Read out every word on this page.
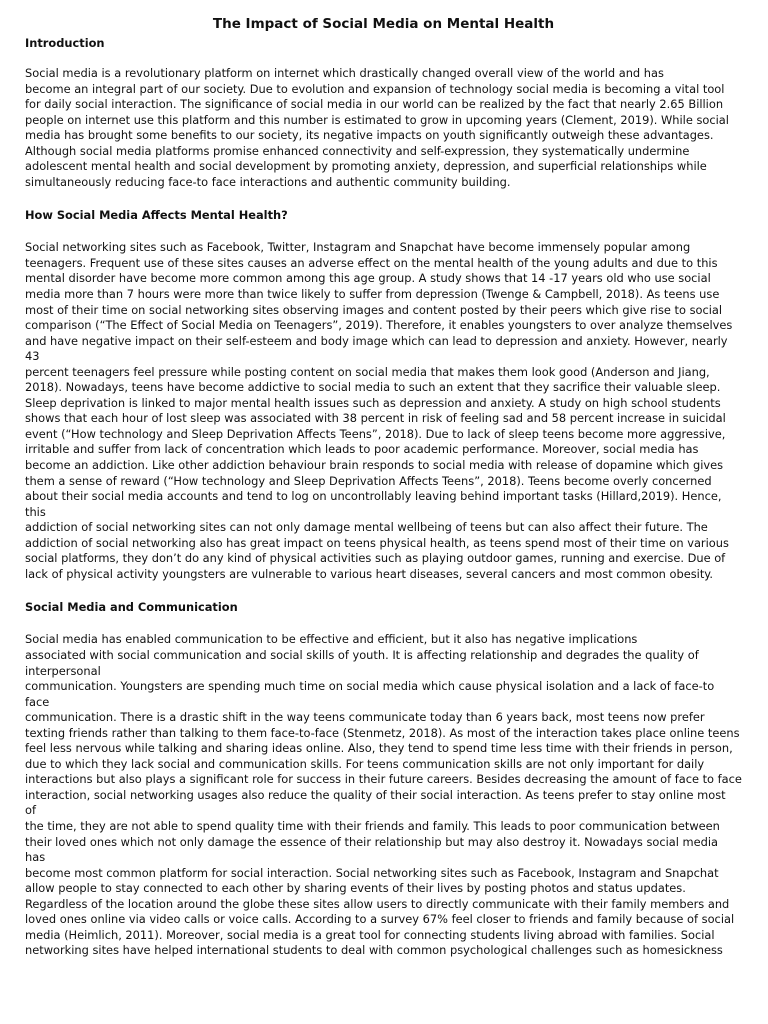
The Impact of Social Media on Mental Health
Introduction

Social media is a revolutionary platform on internet which drastically changed overall view of the world and has
become an integral part of our society. Due to evolution and expansion of technology social media is becoming a vital tool
for daily social interaction. The significance of social media in our world can be realized by the fact that nearly 2.65 Billion
people on internet use this platform and this number is estimated to grow in upcoming years (Clement, 2019). While social
media has brought some benefits to our society, its negative impacts on youth significantly outweigh these advantages.
Although social media platforms promise enhanced connectivity and self-expression, they systematically undermine
adolescent mental health and social development by promoting anxiety, depression, and superficial relationships while
simultaneously reducing face-to face interactions and authentic community building.

How Social Media Affects Mental Health?

Social networking sites such as Facebook, Twitter, Instagram and Snapchat have become immensely popular among
teenagers. Frequent use of these sites causes an adverse effect on the mental health of the young adults and due to this
mental disorder have become more common among this age group. A study shows that 14 -17 years old who use social
media more than 7 hours were more than twice likely to suffer from depression (Twenge & Campbell, 2018). As teens use
most of their time on social networking sites observing images and content posted by their peers which give rise to social
comparison (“The Effect of Social Media on Teenagers”, 2019). Therefore, it enables youngsters to over analyze themselves
and have negative impact on their self-esteem and body image which can lead to depression and anxiety. However, nearly
43
percent teenagers feel pressure while posting content on social media that makes them look good (Anderson and Jiang,
2018). Nowadays, teens have become addictive to social media to such an extent that they sacrifice their valuable sleep.
Sleep deprivation is linked to major mental health issues such as depression and anxiety. A study on high school students
shows that each hour of lost sleep was associated with 38 percent in risk of feeling sad and 58 percent increase in suicidal
event (“How technology and Sleep Deprivation Affects Teens”, 2018). Due to lack of sleep teens become more aggressive,
irritable and suffer from lack of concentration which leads to poor academic performance. Moreover, social media has
become an addiction. Like other addiction behaviour brain responds to social media with release of dopamine which gives
them a sense of reward (“How technology and Sleep Deprivation Affects Teens”, 2018). Teens become overly concerned
about their social media accounts and tend to log on uncontrollably leaving behind important tasks (Hillard,2019). Hence,
this
addiction of social networking sites can not only damage mental wellbeing of teens but can also affect their future. The
addiction of social networking also has great impact on teens physical health, as teens spend most of their time on various
social platforms, they don’t do any kind of physical activities such as playing outdoor games, running and exercise. Due of
lack of physical activity youngsters are vulnerable to various heart diseases, several cancers and most common obesity.

Social Media and Communication

Social media has enabled communication to be effective and efficient, but it also has negative implications
associated with social communication and social skills of youth. It is affecting relationship and degrades the quality of
interpersonal
communication. Youngsters are spending much time on social media which cause physical isolation and a lack of face-to
face
communication. There is a drastic shift in the way teens communicate today than 6 years back, most teens now prefer
texting friends rather than talking to them face-to-face (Stenmetz, 2018). As most of the interaction takes place online teens
feel less nervous while talking and sharing ideas online. Also, they tend to spend time less time with their friends in person,
due to which they lack social and communication skills. For teens communication skills are not only important for daily
interactions but also plays a significant role for success in their future careers. Besides decreasing the amount of face to face
interaction, social networking usages also reduce the quality of their social interaction. As teens prefer to stay online most
of
the time, they are not able to spend quality time with their friends and family. This leads to poor communication between
their loved ones which not only damage the essence of their relationship but may also destroy it. Nowadays social media
has
become most common platform for social interaction. Social networking sites such as Facebook, Instagram and Snapchat
allow people to stay connected to each other by sharing events of their lives by posting photos and status updates.
Regardless of the location around the globe these sites allow users to directly communicate with their family members and
loved ones online via video calls or voice calls. According to a survey 67% feel closer to friends and family because of social
media (Heimlich, 2011). Moreover, social media is a great tool for connecting students living abroad with families. Social
networking sites have helped international students to deal with common psychological challenges such as homesickness
